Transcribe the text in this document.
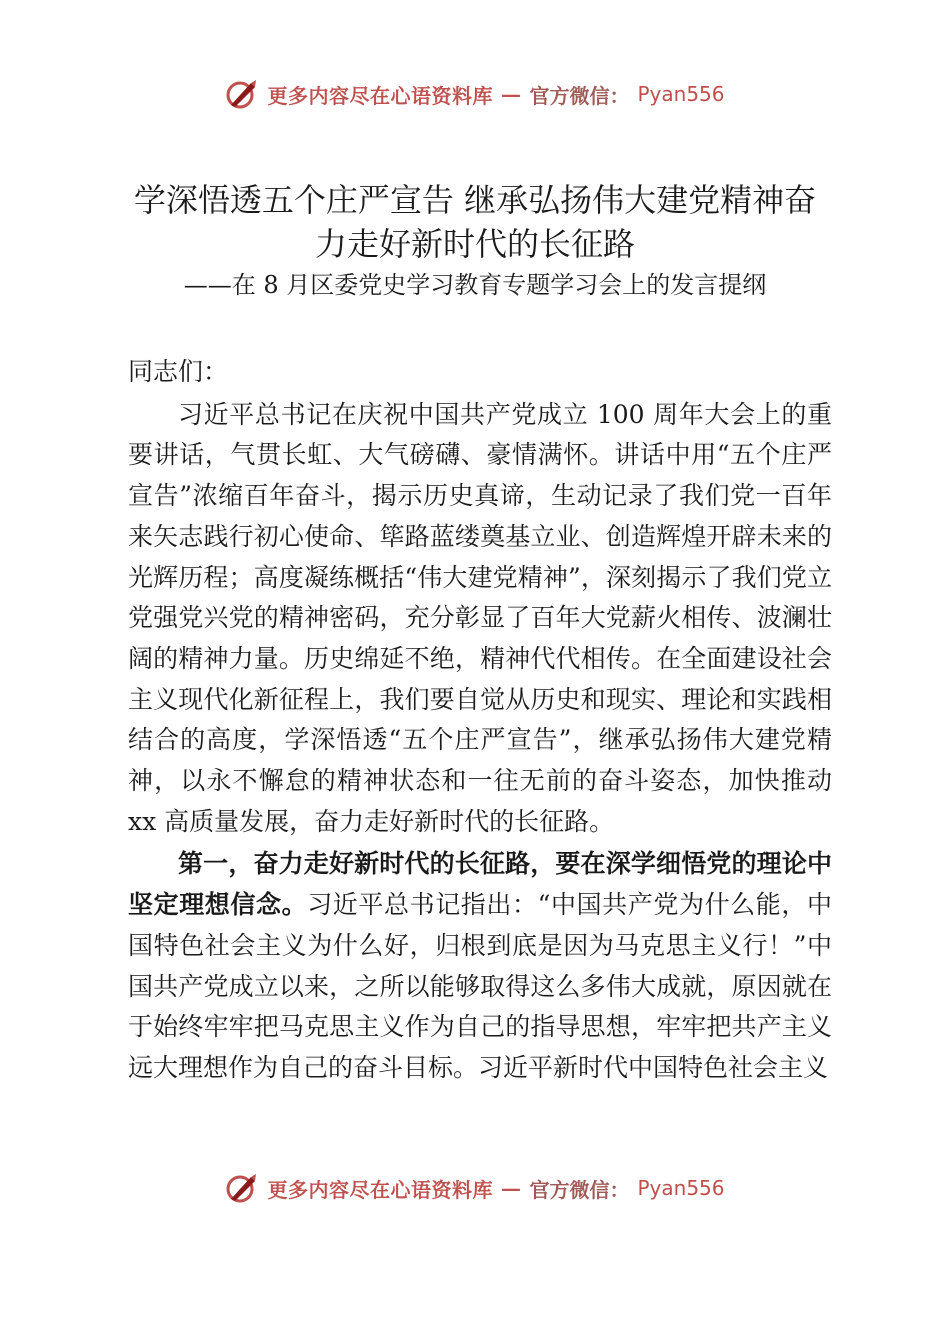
更多内容尽在心语资料库 — 官方微信： Pyan556
学深悟透五个庄严宣告 继承弘扬伟大建党精神奋力走好新时代的长征路

——在 8 月区委党史学习教育专题学习会上的发言提纲

同志们：

习近平总书记在庆祝中国共产党成立 100 周年大会上的重要讲话，气贯长虹、大气磅礴、豪情满怀。讲话中用“五个庄严宣告”浓缩百年奋斗，揭示历史真谛，生动记录了我们党一百年来矢志践行初心使命、筚路蓝缕奠基立业、创造辉煌开辟未来的光辉历程；高度凝练概括“伟大建党精神”，深刻揭示了我们党立党强党兴党的精神密码，充分彰显了百年大党薪火相传、波澜壮阔的精神力量。历史绵延不绝，精神代代相传。在全面建设社会主义现代化新征程上，我们要自觉从历史和现实、理论和实践相结合的高度，学深悟透“五个庄严宣告”，继承弘扬伟大建党精神，以永不懈怠的精神状态和一往无前的奋斗姿态，加快推动 xx 高质量发展，奋力走好新时代的长征路。

第一，奋力走好新时代的长征路，要在深学细悟党的理论中坚定理想信念。习近平总书记指出：“中国共产党为什么能，中国特色社会主义为什么好，归根到底是因为马克思主义行！”中国共产党成立以来，之所以能够取得这么多伟大成就，原因就在于始终牢牢把马克思主义作为自己的指导思想，牢牢把共产主义远大理想作为自己的奋斗目标。习近平新时代中国特色社会主义

更多内容尽在心语资料库 — 官方微信： Pyan556
